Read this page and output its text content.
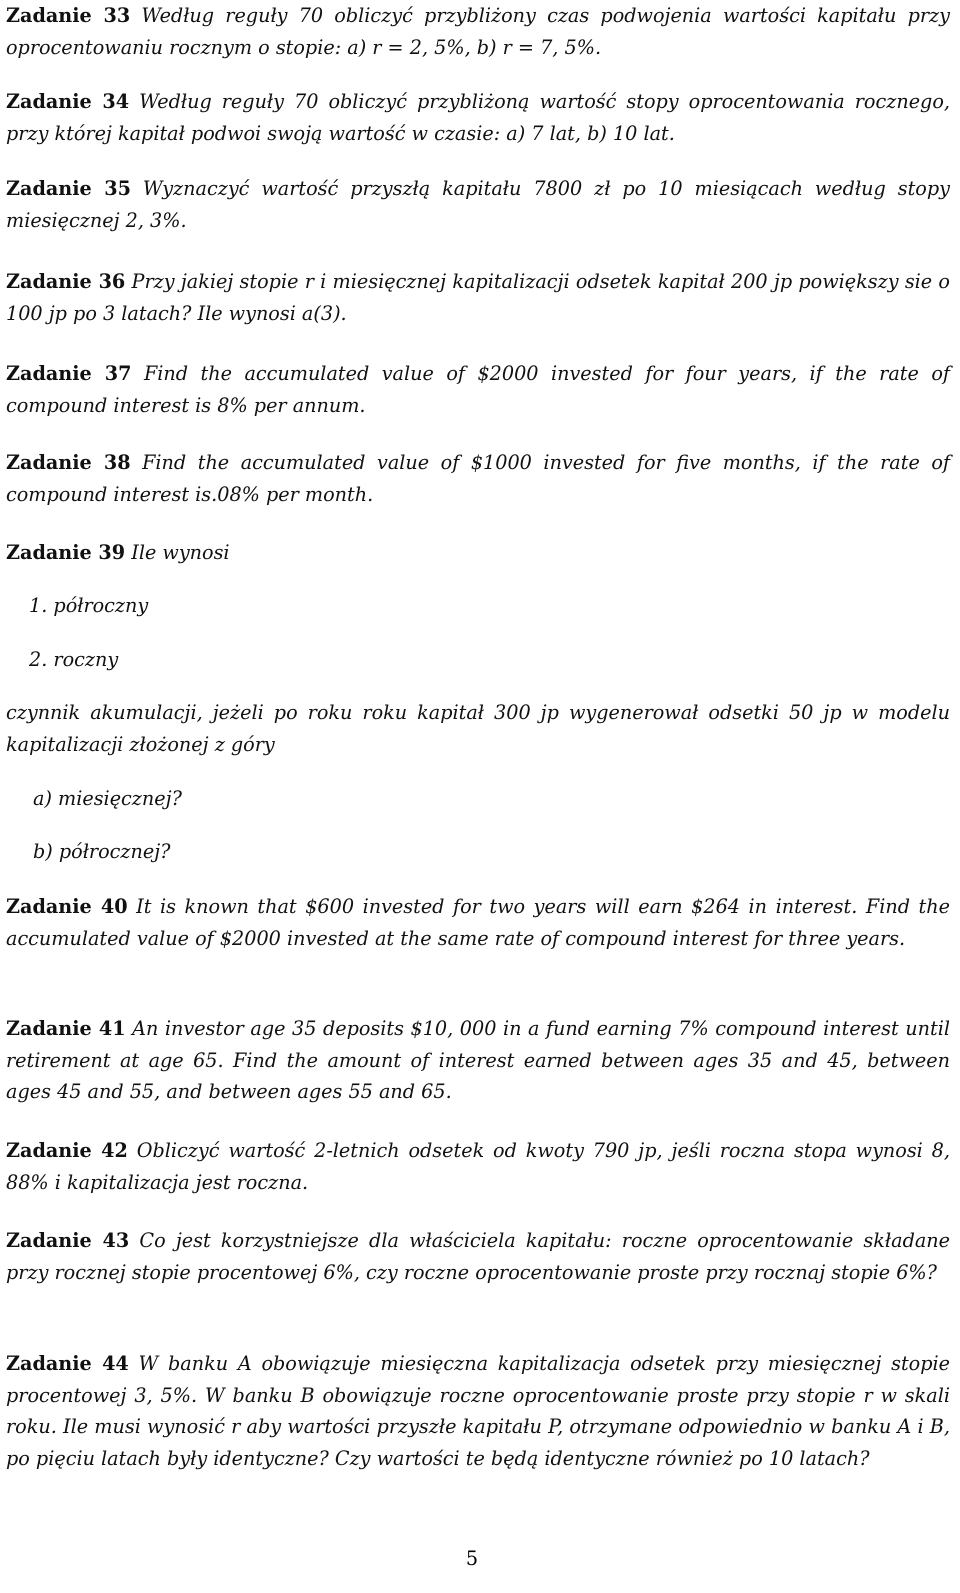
Zadanie 33 Według reguły 70 obliczyć przybliżony czas podwojenia wartości kapitału przy oprocentowaniu rocznym o stopie: a) r = 2, 5%, b) r = 7, 5%.

Zadanie 34 Według reguły 70 obliczyć przybliżoną wartość stopy oprocentowania rocznego, przy której kapitał podwoi swoją wartość w czasie: a) 7 lat, b) 10 lat.

Zadanie 35 Wyznaczyć wartość przyszłą kapitału 7800 zł po 10 miesiącach według stopy miesięcznej 2, 3%.

Zadanie 36 Przy jakiej stopie r i miesięcznej kapitalizacji odsetek kapitał 200 jp powiększy sie o 100 jp po 3 latach? Ile wynosi a(3).

Zadanie 37 Find the accumulated value of $2000 invested for four years, if the rate of compound interest is 8% per annum.

Zadanie 38 Find the accumulated value of $1000 invested for five months, if the rate of compound interest is.08% per month.

Zadanie 39 Ile wynosi

1. półroczny

2. roczny

czynnik akumulacji, jeżeli po roku roku kapitał 300 jp wygenerował odsetki 50 jp w modelu kapitalizacji złożonej z góry

a) miesięcznej?

b) półrocznej?

Zadanie 40 It is known that $600 invested for two years will earn $264 in interest. Find the accumulated value of $2000 invested at the same rate of compound interest for three years.

Zadanie 41 An investor age 35 deposits $10, 000 in a fund earning 7% compound interest until retirement at age 65. Find the amount of interest earned between ages 35 and 45, between ages 45 and 55, and between ages 55 and 65.

Zadanie 42 Obliczyć wartość 2-letnich odsetek od kwoty 790 jp, jeśli roczna stopa wynosi 8, 88% i kapitalizacja jest roczna.

Zadanie 43 Co jest korzystniejsze dla właściciela kapitału: roczne oprocentowanie składane przy rocznej stopie procentowej 6%, czy roczne oprocentowanie proste przy rocznaj stopie 6%?

Zadanie 44 W banku A obowiązuje miesięczna kapitalizacja odsetek przy miesięcznej stopie procentowej 3, 5%. W banku B obowiązuje roczne oprocentowanie proste przy stopie r w skali roku. Ile musi wynosić r aby wartości przyszłe kapitału P, otrzymane odpowiednio w banku A i B, po pięciu latach były identyczne? Czy wartości te będą identyczne również po 10 latach?

5
